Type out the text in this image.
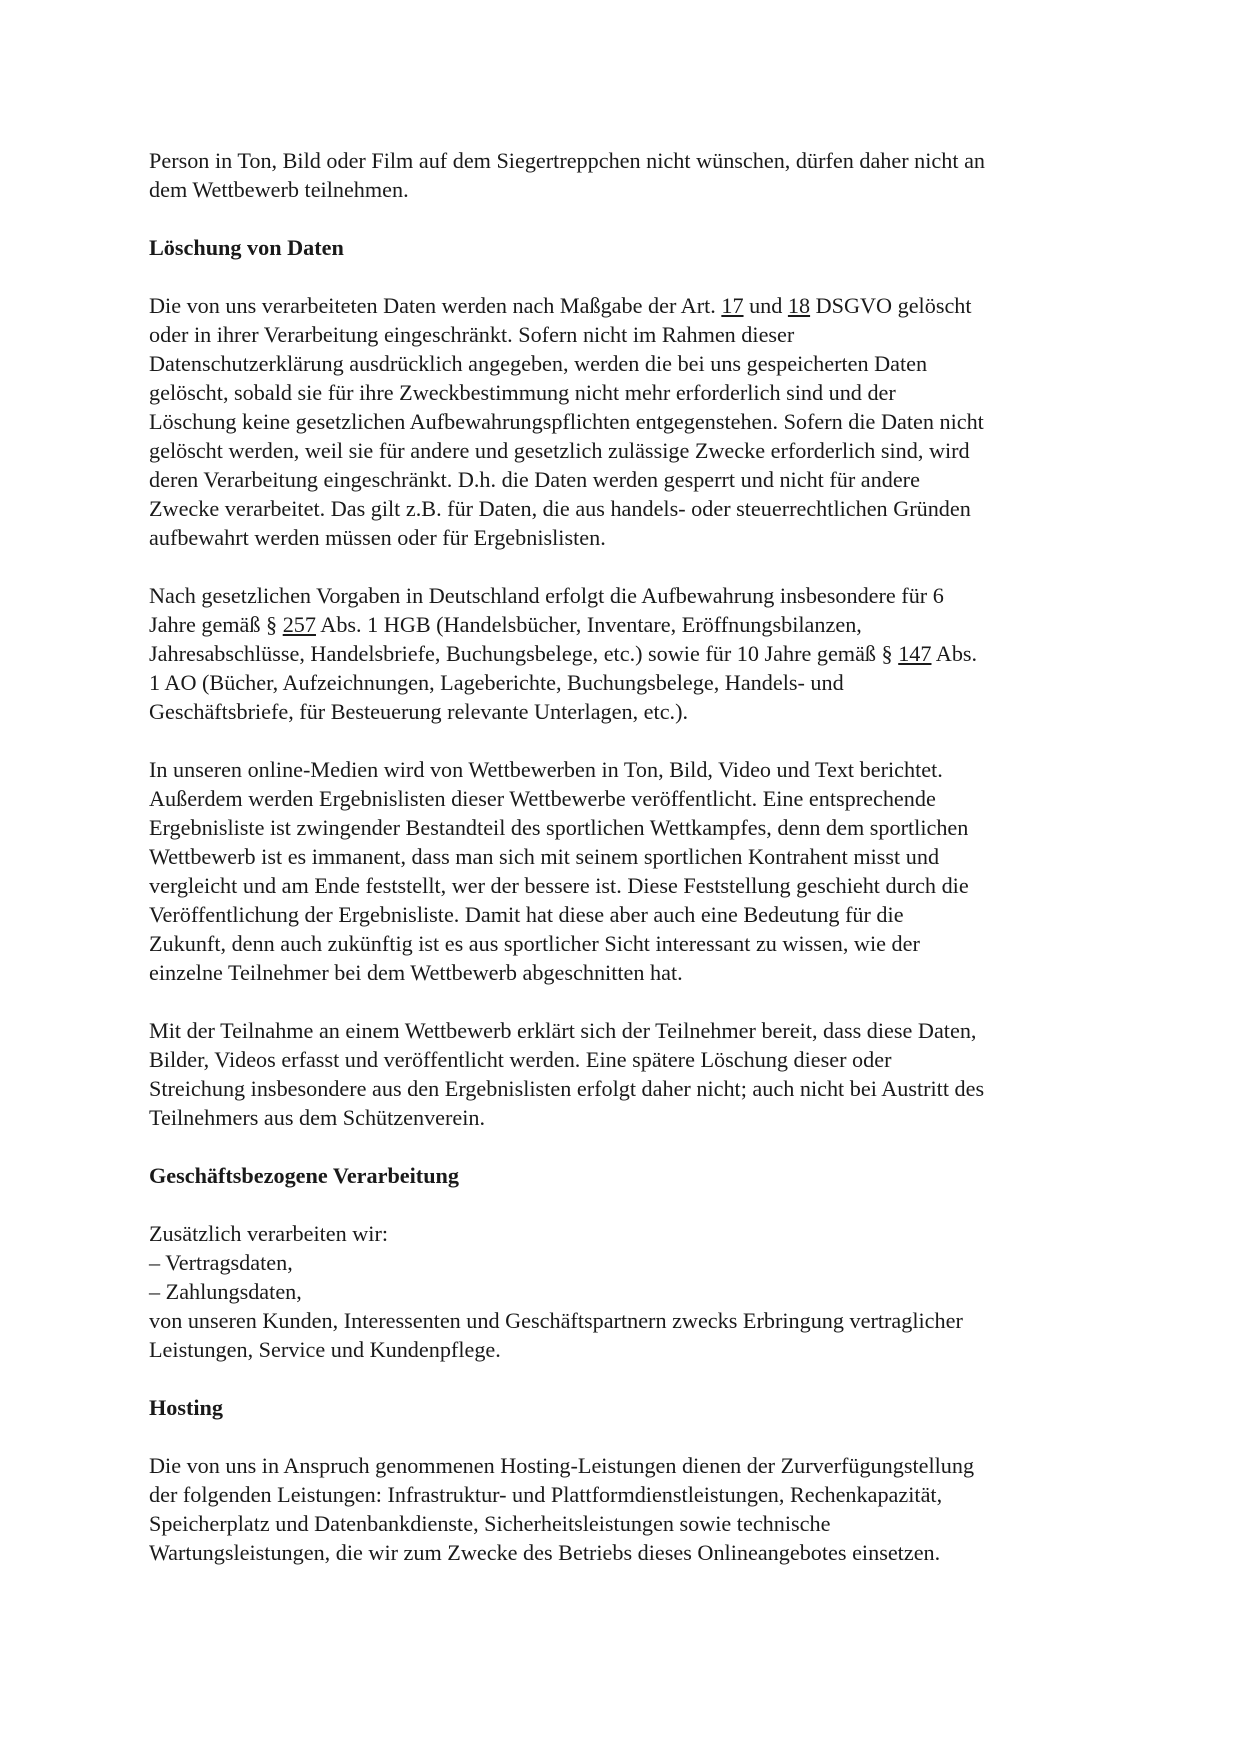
Person in Ton, Bild oder Film auf dem Siegertreppchen nicht wünschen, dürfen daher nicht an
dem Wettbewerb teilnehmen.

Löschung von Daten

Die von uns verarbeiteten Daten werden nach Maßgabe der Art. 17 und 18 DSGVO gelöscht
oder in ihrer Verarbeitung eingeschränkt. Sofern nicht im Rahmen dieser
Datenschutzerklärung ausdrücklich angegeben, werden die bei uns gespeicherten Daten
gelöscht, sobald sie für ihre Zweckbestimmung nicht mehr erforderlich sind und der
Löschung keine gesetzlichen Aufbewahrungspflichten entgegenstehen. Sofern die Daten nicht
gelöscht werden, weil sie für andere und gesetzlich zulässige Zwecke erforderlich sind, wird
deren Verarbeitung eingeschränkt. D.h. die Daten werden gesperrt und nicht für andere
Zwecke verarbeitet. Das gilt z.B. für Daten, die aus handels- oder steuerrechtlichen Gründen
aufbewahrt werden müssen oder für Ergebnislisten.

Nach gesetzlichen Vorgaben in Deutschland erfolgt die Aufbewahrung insbesondere für 6
Jahre gemäß § 257 Abs. 1 HGB (Handelsbücher, Inventare, Eröffnungsbilanzen,
Jahresabschlüsse, Handelsbriefe, Buchungsbelege, etc.) sowie für 10 Jahre gemäß § 147 Abs.
1 AO (Bücher, Aufzeichnungen, Lageberichte, Buchungsbelege, Handels- und
Geschäftsbriefe, für Besteuerung relevante Unterlagen, etc.).

In unseren online-Medien wird von Wettbewerben in Ton, Bild, Video und Text berichtet.
Außerdem werden Ergebnislisten dieser Wettbewerbe veröffentlicht. Eine entsprechende
Ergebnisliste ist zwingender Bestandteil des sportlichen Wettkampfes, denn dem sportlichen
Wettbewerb ist es immanent, dass man sich mit seinem sportlichen Kontrahent misst und
vergleicht und am Ende feststellt, wer der bessere ist. Diese Feststellung geschieht durch die
Veröffentlichung der Ergebnisliste. Damit hat diese aber auch eine Bedeutung für die
Zukunft, denn auch zukünftig ist es aus sportlicher Sicht interessant zu wissen, wie der
einzelne Teilnehmer bei dem Wettbewerb abgeschnitten hat.

Mit der Teilnahme an einem Wettbewerb erklärt sich der Teilnehmer bereit, dass diese Daten,
Bilder, Videos erfasst und veröffentlicht werden. Eine spätere Löschung dieser oder
Streichung insbesondere aus den Ergebnislisten erfolgt daher nicht; auch nicht bei Austritt des
Teilnehmers aus dem Schützenverein.

Geschäftsbezogene Verarbeitung

Zusätzlich verarbeiten wir:
– Vertragsdaten,
– Zahlungsdaten,
von unseren Kunden, Interessenten und Geschäftspartnern zwecks Erbringung vertraglicher
Leistungen, Service und Kundenpflege.

Hosting

Die von uns in Anspruch genommenen Hosting-Leistungen dienen der Zurverfügungstellung
der folgenden Leistungen: Infrastruktur- und Plattformdienstleistungen, Rechenkapazität,
Speicherplatz und Datenbankdienste, Sicherheitsleistungen sowie technische
Wartungsleistungen, die wir zum Zwecke des Betriebs dieses Onlineangebotes einsetzen.
